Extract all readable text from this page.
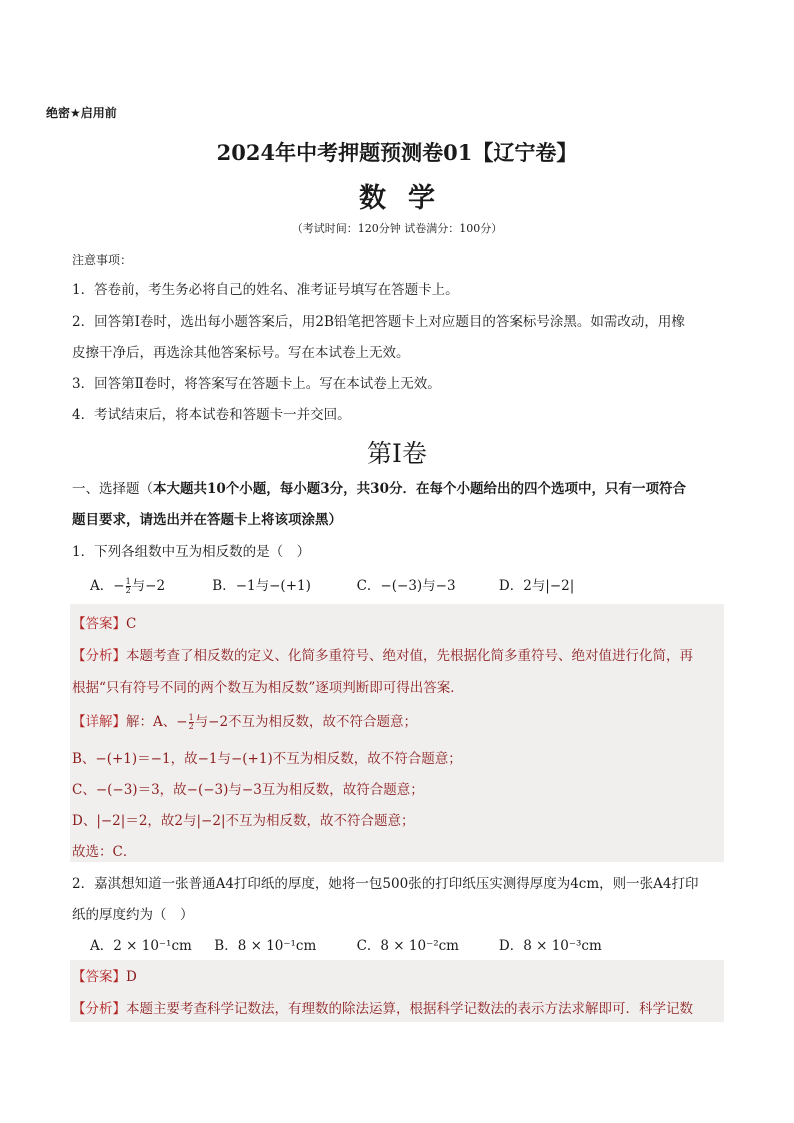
绝密★启用前
2024年中考押题预测卷01【辽宁卷】
数学
（考试时间：120分钟 试卷满分：100分）
注意事项：
1．答卷前，考生务必将自己的姓名、准考证号填写在答题卡上。
2．回答第Ⅰ卷时，选出每小题答案后，用2B铅笔把答题卡上对应题目的答案标号涂黑。如需改动，用橡
皮擦干净后，再选涂其他答案标号。写在本试卷上无效。
3．回答第Ⅱ卷时，将答案写在答题卡上。写在本试卷上无效。
4．考试结束后，将本试卷和答题卡一并交回。
第Ⅰ卷
一、选择题（本大题共10个小题，每小题3分，共30分．在每个小题给出的四个选项中，只有一项符合
题目要求，请选出并在答题卡上将该项涂黑）
1．下列各组数中互为相反数的是（　）
A．− $\frac{1}{2}$ 与−2	B．−1与−(+1)	C．−(−3)与−3	D．2与|−2|
【答案】C
【分析】本题考查了相反数的定义、化简多重符号、绝对值，先根据化简多重符号、绝对值进行化简，再
根据“只有符号不同的两个数互为相反数”逐项判断即可得出答案．
【详解】解：A、− $\frac{1}{2}$ 与−2不互为相反数，故不符合题意；
B、−(+1)＝−1，故−1与−(+1)不互为相反数，故不符合题意；
C、−(−3)＝3，故−(−3)与−3互为相反数，故符合题意；
D、|−2|＝2，故2与|−2|不互为相反数，故不符合题意；
故选：C．
2．嘉淇想知道一张普通A4打印纸的厚度，她将一包500张的打印纸压实测得厚度为4cm，则一张A4打印
纸的厚度约为（　）
A．2 × 10⁻¹cm B．8 × 10⁻¹cm	C．8 × 10⁻²cm	D．8 × 10⁻³cm
【答案】D
【分析】本题主要考查科学记数法，有理数的除法运算，根据科学记数法的表示方法求解即可．科学记数
